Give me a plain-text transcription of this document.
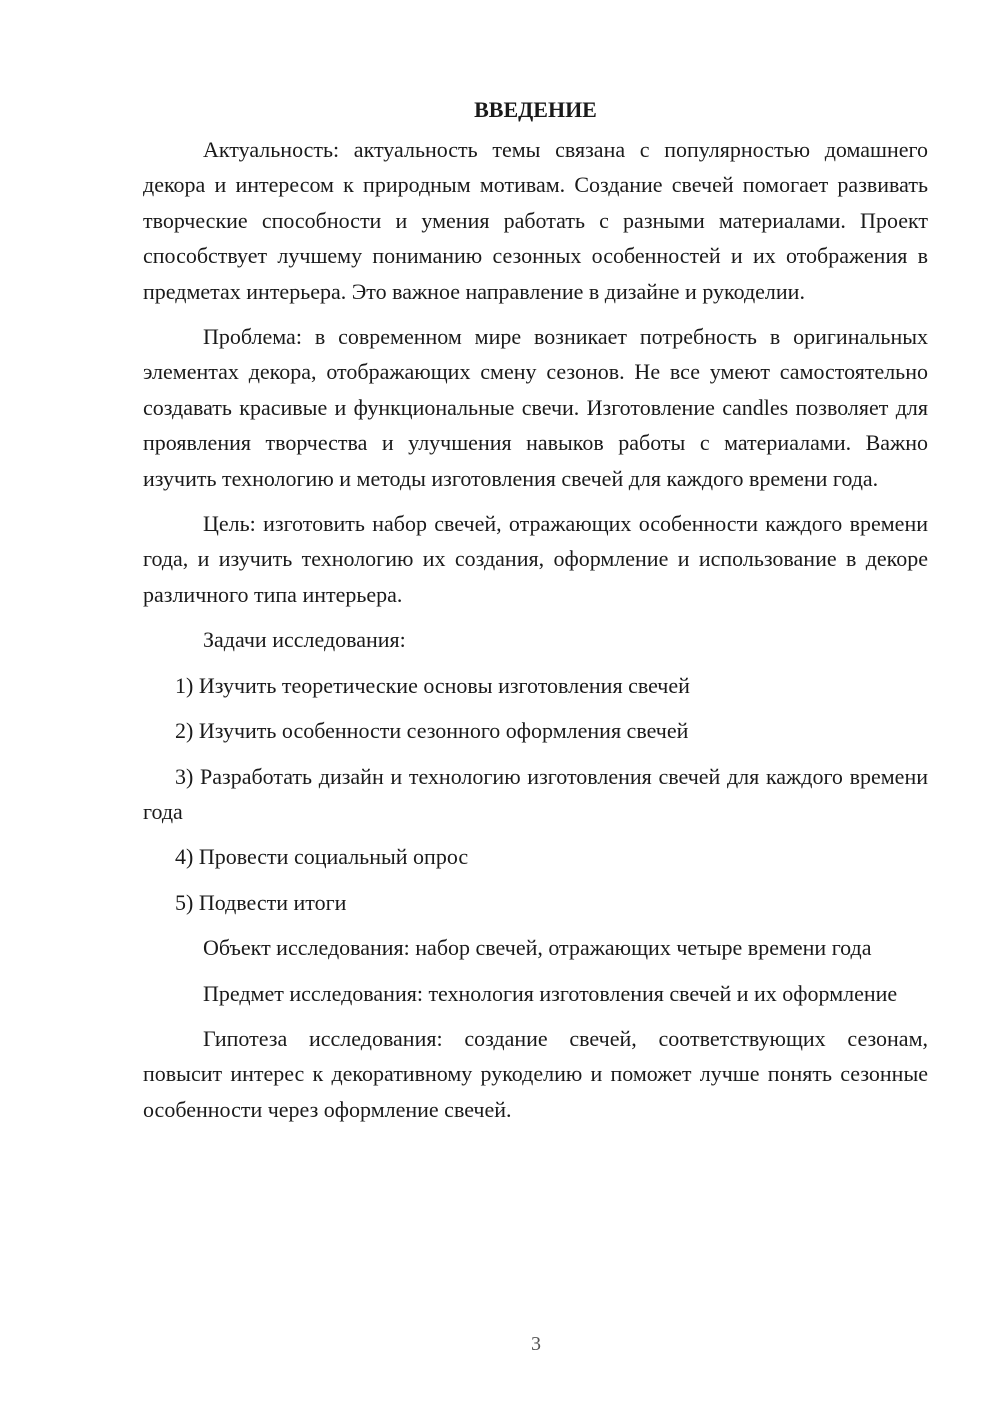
ВВЕДЕНИЕ

Актуальность: актуальность темы связана с популярностью домашнего декора и интересом к природным мотивам. Создание свечей помогает развивать творческие способности и умения работать с разными материалами. Проект способствует лучшему пониманию сезонных особенностей и их отображения в предметах интерьера. Это важное направление в дизайне и рукоделии.

Проблема: в современном мире возникает потребность в оригинальных элементах декора, отображающих смену сезонов. Не все умеют самостоятельно создавать красивые и функциональные свечи. Изготовление candles позволяет для проявления творчества и улучшения навыков работы с материалами. Важно изучить технологию и методы изготовления свечей для каждого времени года.

Цель: изготовить набор свечей, отражающих особенности каждого времени года, и изучить технологию их создания, оформление и использование в декоре различного типа интерьера.

Задачи исследования:

1) Изучить теоретические основы изготовления свечей

2) Изучить особенности сезонного оформления свечей

3) Разработать дизайн и технологию изготовления свечей для каждого времени года

4) Провести социальный опрос

5) Подвести итоги

Объект исследования: набор свечей, отражающих четыре времени года

Предмет исследования: технология изготовления свечей и их оформление

Гипотеза исследования: создание свечей, соответствующих сезонам, повысит интерес к декоративному рукоделию и поможет лучше понять сезонные особенности через оформление свечей.

3
